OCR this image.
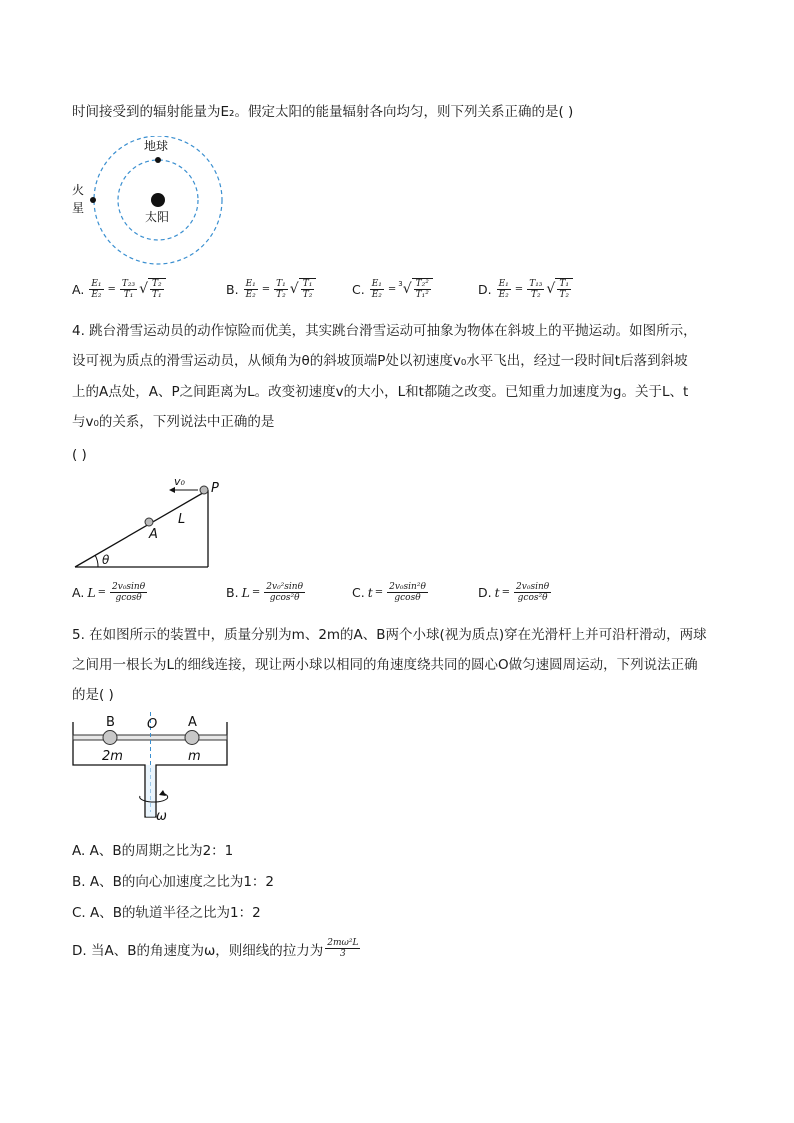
时间接受到的辐射能量为E₂。假定太阳的能量辐射各向均匀，则下列关系正确的是( )
地球
太阳
火
星
A. $\frac{\text{E₁}}{\text{E₂}} = \frac{\text{T₂₃}}{\text{T₁}}$ √ $\frac{\text{T₂}}{\text{T₁}}$	B. $\frac{\text{E₁}}{\text{E₂}} = \frac{\text{T₁}}{\text{T₂}}$ √ $\frac{\text{T₁}}{\text{T₂}}$	C. $\frac{\text{E₁}}{\text{E₂}} = 3$ √ $\frac{\text{T₂²}}{\text{T₁²}}$	D. $\frac{\text{E₁}}{\text{E₂}} = \frac{\text{T₁₃}}{\text{T₂}}$ √ $\frac{\text{T₁}}{\text{T₂}}$
4. 跳台滑雪运动员的动作惊险而优美，其实跳台滑雪运动可抽象为物体在斜坡上的平抛运动。如图所示，
设可视为质点的滑雪运动员，从倾角为θ的斜坡顶端P处以初速度v₀水平飞出，经过一段时间t后落到斜坡
上的A点处，A、P之间距离为L。改变初速度v的大小，L和t都随之改变。已知重力加速度为g。关于L、t
与v₀的关系，下列说法中正确的是
( )
v₀ P
L
A
θ
A. $L = \frac{\text{2v₀sinθ}}{gcos\theta}$	B. $L = \frac{\text{2v₀²sinθ}}{\text{gcos²θ}}$	C. $t = \frac{\text{2v₀sin²θ}}{gcos\theta}$	D. $t = \frac{\text{2v₀sinθ}}{\text{gcos²θ}}$
5. 在如图所示的装置中，质量分别为m、2m的A、B两个小球(视为质点)穿在光滑杆上并可沿杆滑动，两球
之间用一根长为L的细线连接，现让两小球以相同的角速度绕共同的圆心O做匀速圆周运动，下列说法正确
的是( )
B O A
2m	m
ω
A. A、B的周期之比为2：1
B. A、B的向心加速度之比为1：2
C. A、B的轨道半径之比为1：2
D. 当A、B的角速度为ω，则细线的拉力为 $\frac{\text{2mω²L}}{3}$
